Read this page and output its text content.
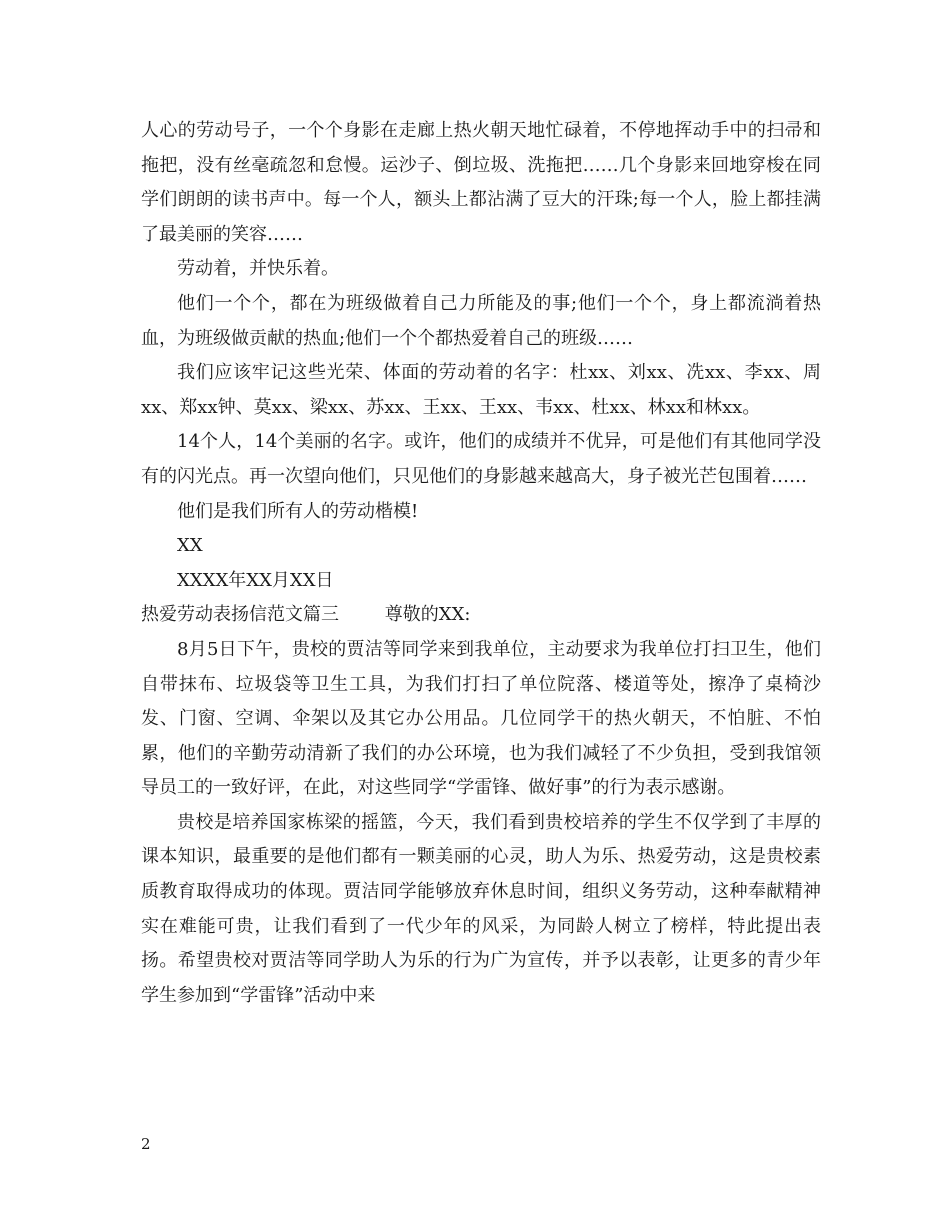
人心的劳动号子，一个个身影在走廊上热火朝天地忙碌着，不停地挥动手中的扫帚和拖把，没有丝毫疏忽和怠慢。运沙子、倒垃圾、洗拖把……几个身影来回地穿梭在同学们朗朗的读书声中。每一个人，额头上都沾满了豆大的汗珠;每一个人，脸上都挂满了最美丽的笑容……

劳动着，并快乐着。

他们一个个，都在为班级做着自己力所能及的事;他们一个个，身上都流淌着热血，为班级做贡献的热血;他们一个个都热爱着自己的班级……

我们应该牢记这些光荣、体面的劳动着的名字：杜xx、刘xx、冼xx、李xx、周xx、郑xx钟、莫xx、梁xx、苏xx、王xx、王xx、韦xx、杜xx、林xx和林xx。

14个人，14个美丽的名字。或许，他们的成绩并不优异，可是他们有其他同学没有的闪光点。再一次望向他们，只见他们的身影越来越高大，身子被光芒包围着……

他们是我们所有人的劳动楷模!

XX

XXXX年XX月XX日

热爱劳动表扬信范文篇三	尊敬的XX:

8月5日下午，贵校的贾洁等同学来到我单位，主动要求为我单位打扫卫生，他们自带抹布、垃圾袋等卫生工具，为我们打扫了单位院落、楼道等处，擦净了桌椅沙发、门窗、空调、伞架以及其它办公用品。几位同学干的热火朝天，不怕脏、不怕累，他们的辛勤劳动清新了我们的办公环境，也为我们减轻了不少负担，受到我馆领导员工的一致好评，在此，对这些同学“学雷锋、做好事”的行为表示感谢。

贵校是培养国家栋梁的摇篮，今天，我们看到贵校培养的学生不仅学到了丰厚的课本知识，最重要的是他们都有一颗美丽的心灵，助人为乐、热爱劳动，这是贵校素质教育取得成功的体现。贾洁同学能够放弃休息时间，组织义务劳动，这种奉献精神实在难能可贵，让我们看到了一代少年的风采，为同龄人树立了榜样，特此提出表扬。希望贵校对贾洁等同学助人为乐的行为广为宣传，并予以表彰，让更多的青少年学生参加到“学雷锋”活动中来

2
